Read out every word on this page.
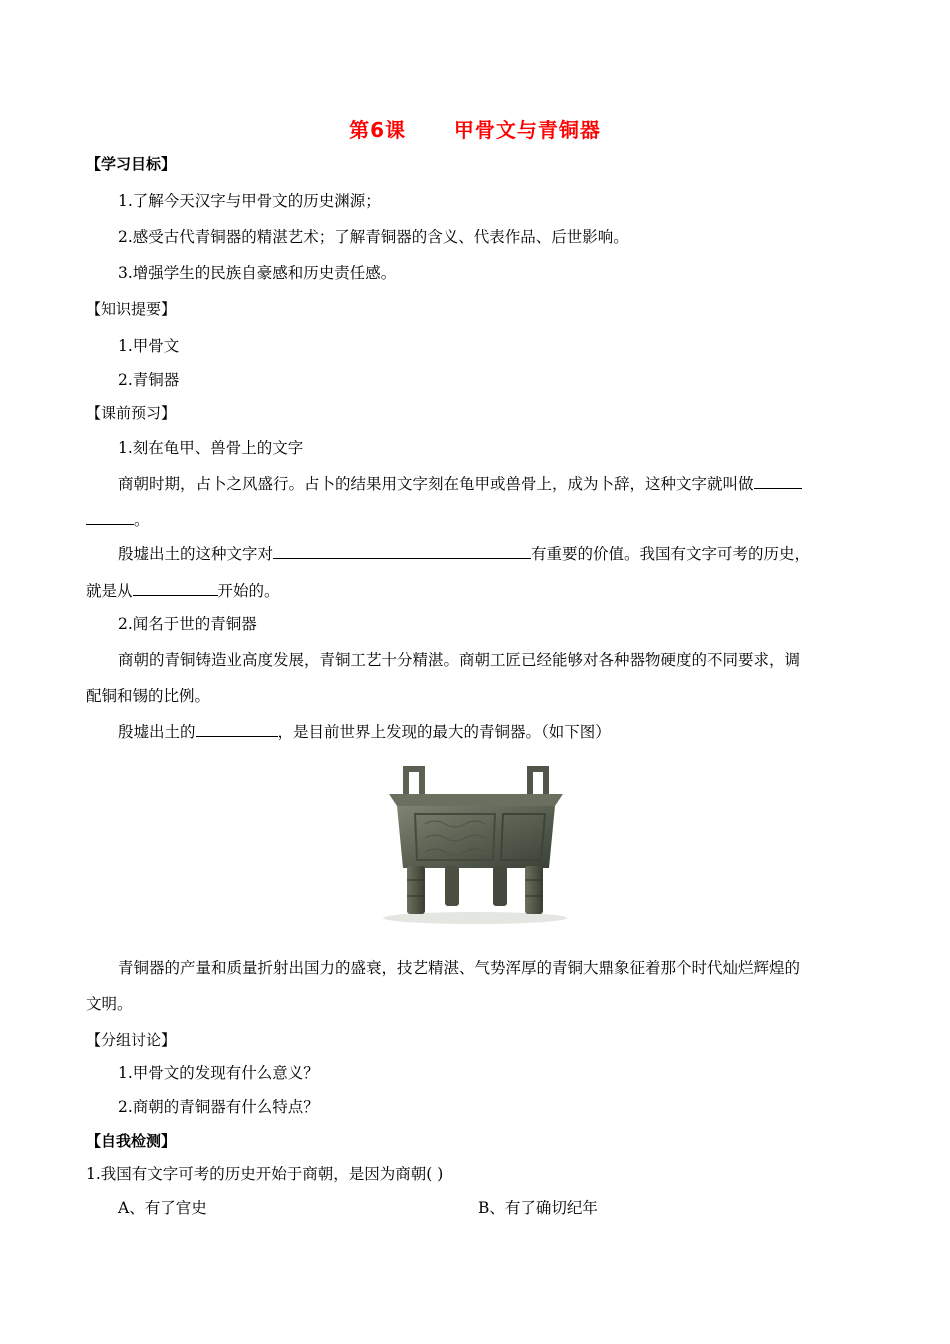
第6课      甲骨文与青铜器
【学习目标】
1.了解今天汉字与甲骨文的历史渊源；
2.感受古代青铜器的精湛艺术；了解青铜器的含义、代表作品、后世影响。
3.增强学生的民族自豪感和历史责任感。
【知识提要】
1.甲骨文
2.青铜器
【课前预习】
1.刻在龟甲、兽骨上的文字
商朝时期，占卜之风盛行。占卜的结果用文字刻在龟甲或兽骨上，成为卜辞，这种文字就叫做
。
殷墟出土的这种文字对	有重要的价值。我国有文字可考的历史，
就是从	开始的。
2.闻名于世的青铜器
商朝的青铜铸造业高度发展，青铜工艺十分精湛。商朝工匠已经能够对各种器物硬度的不同要求，调
配铜和锡的比例。
殷墟出土的	，是目前世界上发现的最大的青铜器。（如下图）
青铜器的产量和质量折射出国力的盛衰，技艺精湛、气势浑厚的青铜大鼎象征着那个时代灿烂辉煌的
文明。
【分组讨论】
1.甲骨文的发现有什么意义？
2.商朝的青铜器有什么特点？
【自我检测】
1.我国有文字可考的历史开始于商朝，是因为商朝( )
A、有了官史	B、有了确切纪年
